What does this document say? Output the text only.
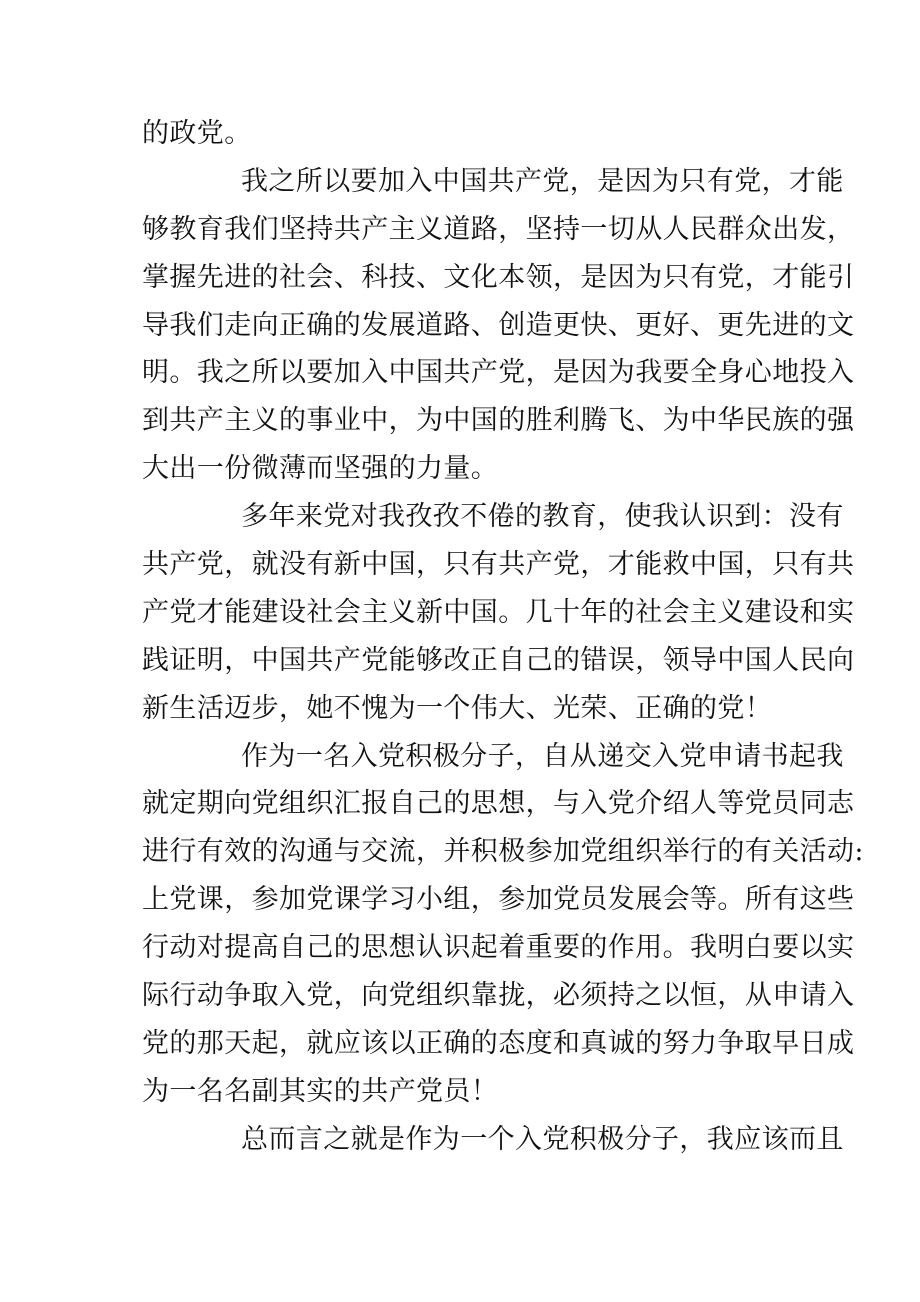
的政党。
我之所以要加入中国共产党，是因为只有党，才能
够教育我们坚持共产主义道路，坚持一切从人民群众出发，
掌握先进的社会、科技、文化本领，是因为只有党，才能引
导我们走向正确的发展道路、创造更快、更好、更先进的文
明。我之所以要加入中国共产党，是因为我要全身心地投入
到共产主义的事业中，为中国的胜利腾飞、为中华民族的强
大出一份微薄而坚强的力量。
多年来党对我孜孜不倦的教育，使我认识到：没有
共产党，就没有新中国，只有共产党，才能救中国，只有共
产党才能建设社会主义新中国。几十年的社会主义建设和实
践证明，中国共产党能够改正自己的错误，领导中国人民向
新生活迈步，她不愧为一个伟大、光荣、正确的党！
作为一名入党积极分子，自从递交入党申请书起我
就定期向党组织汇报自己的思想，与入党介绍人等党员同志
进行有效的沟通与交流，并积极参加党组织举行的有关活动:
上党课，参加党课学习小组，参加党员发展会等。所有这些
行动对提高自己的思想认识起着重要的作用。我明白要以实
际行动争取入党，向党组织靠拢，必须持之以恒，从申请入
党的那天起，就应该以正确的态度和真诚的努力争取早日成
为一名名副其实的共产党员！
总而言之就是作为一个入党积极分子，我应该而且
